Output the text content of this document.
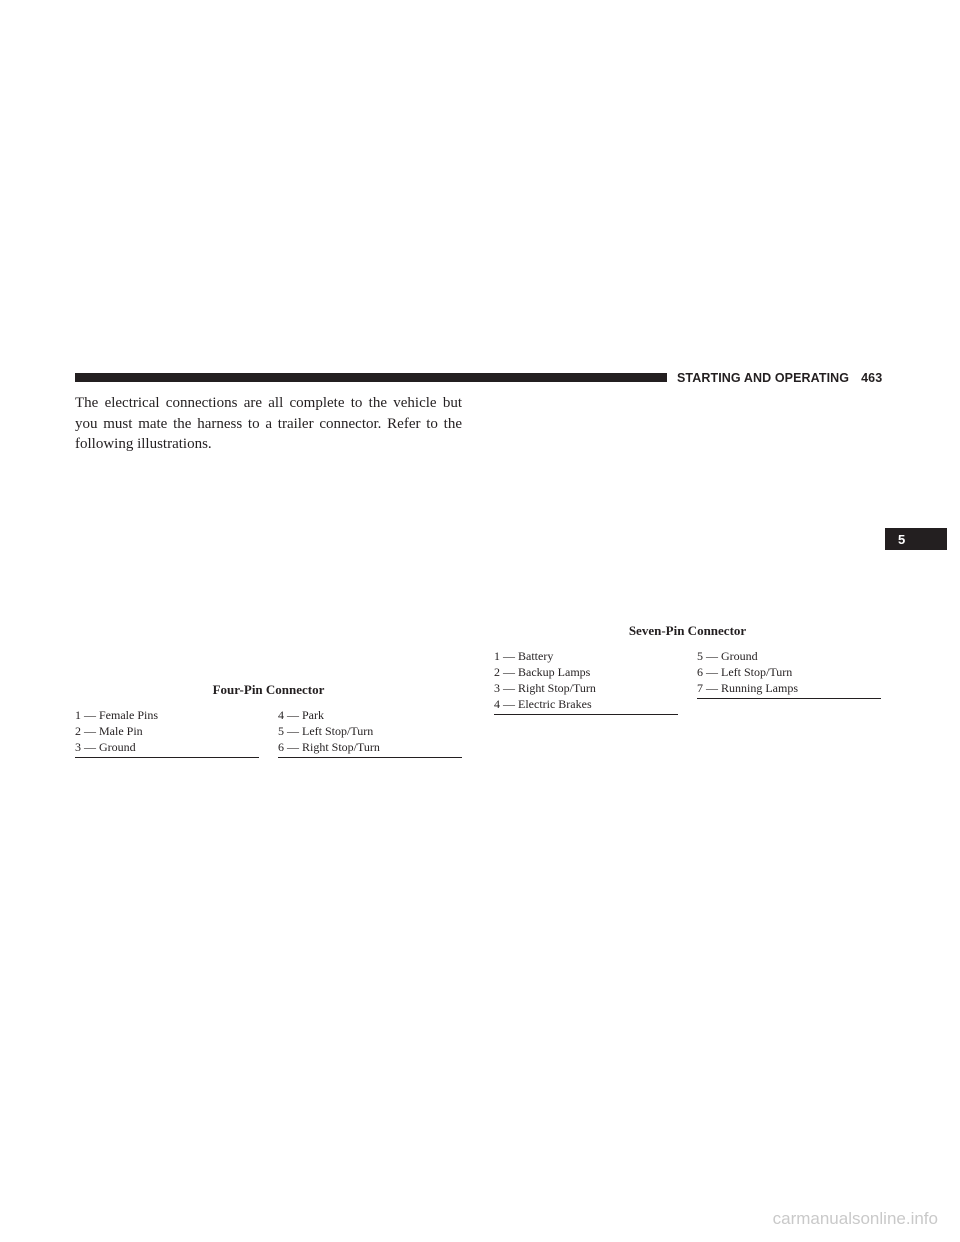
STARTING AND OPERATING 463
The electrical connections are all complete to the vehicle but you must mate the harness to a trailer connector. Refer to the following illustrations.
Seven-Pin Connector
1 — Battery
2 — Backup Lamps
3 — Right Stop/Turn
4 — Electric Brakes
5 — Ground
6 — Left Stop/Turn
7 — Running Lamps
Four-Pin Connector
1 — Female Pins
2 — Male Pin
3 — Ground
4 — Park
5 — Left Stop/Turn
6 — Right Stop/Turn
5
carmanualsonline.info
